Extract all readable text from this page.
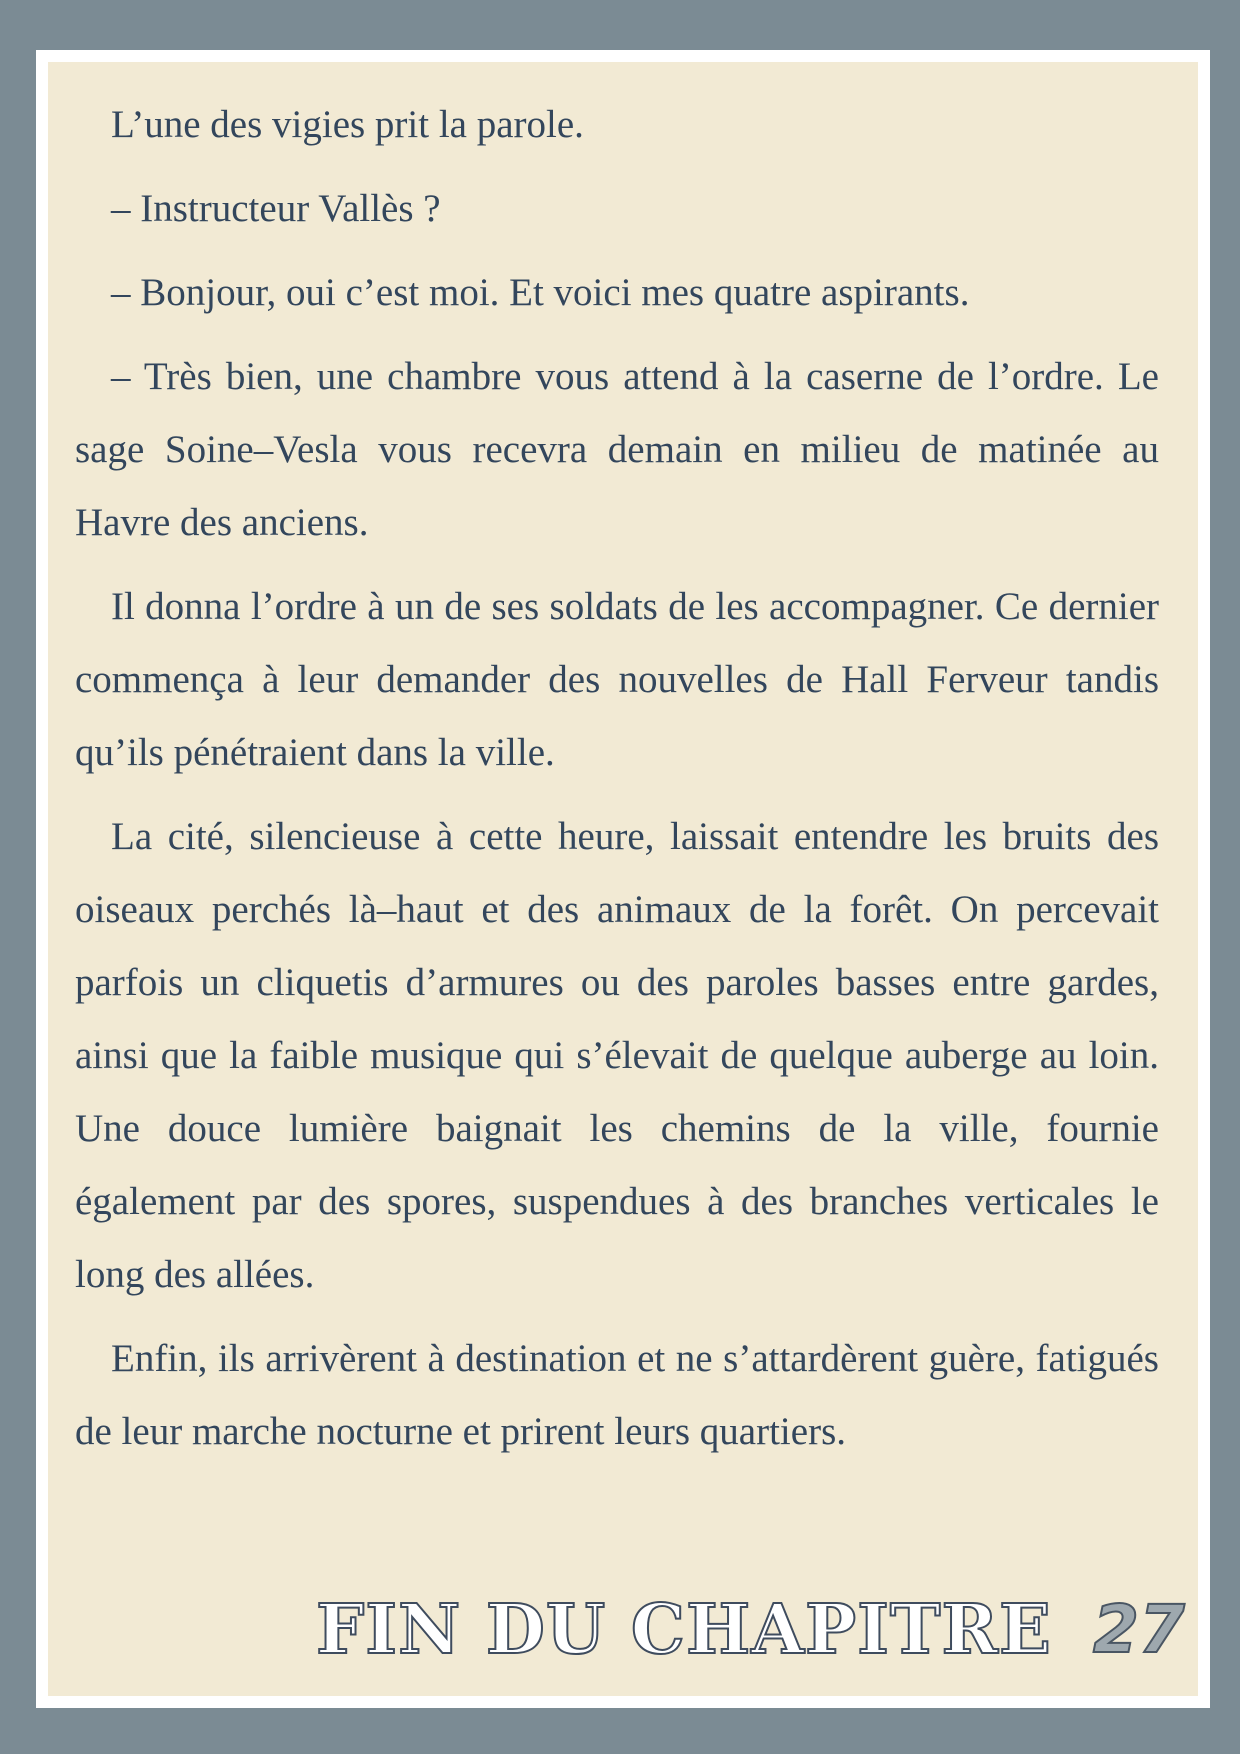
L’une des vigies prit la parole.

– Instructeur Vallès ?

– Bonjour, oui c’est moi. Et voici mes quatre aspirants.

– Très bien, une chambre vous attend à la caserne de l’ordre. Le sage Soine–Vesla vous recevra demain en milieu de matinée au Havre des anciens.

Il donna l’ordre à un de ses soldats de les accompagner. Ce dernier commença à leur demander des nouvelles de Hall Ferveur tandis qu’ils pénétraient dans la ville.

La cité, silencieuse à cette heure, laissait entendre les bruits des oiseaux perchés là–haut et des animaux de la forêt. On percevait parfois un cliquetis d’armures ou des paroles basses entre gardes, ainsi que la faible musique qui s’élevait de quelque auberge au loin. Une douce lumière baignait les chemins de la ville, fournie également par des spores, suspendues à des branches verticales le long des allées.

Enfin, ils arrivèrent à destination et ne s’attardèrent guère, fatigués de leur marche nocturne et prirent leurs quartiers.

FIN DU CHAPITRE 27
